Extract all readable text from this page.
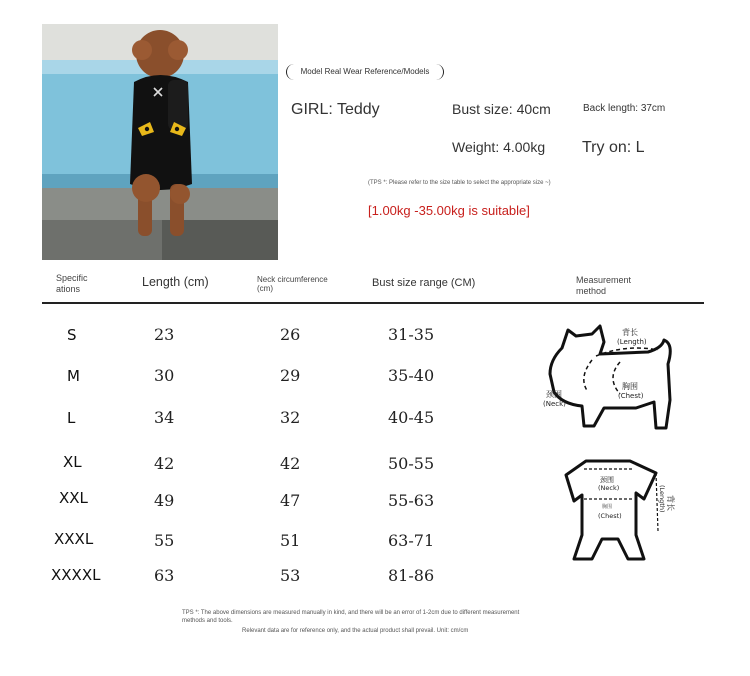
Model Real Wear Reference/Models
GIRL: Teddy	Bust size: 40cm	Back length: 37cm
Weight: 4.00kg Try on: L
(TPS *: Please refer to the size table to select the appropriate size ~)
[1.00kg -35.00kg is suitable]
Specific
ations	Length (cm)	Neck circumference
(cm)	Bust size range (CM)	Measurement
method
S	23	26	31-35
M	30	29	35-40
L	34	32	40-45
XL	42	42	50-55
XXL	49	47	55-63
XXXL	55	51	63-71
XXXXL	63	53	81-86
背长
(Length)
颈围
(Neck)
胸围
(Chest)
颈围
(Neck)
胸围
(Chest)
背长
(Length)
TPS *: The above dimensions are measured manually in kind, and there will be an error of 1-2cm due to different measurement
methods and tools.
Relevant data are for reference only, and the actual product shall prevail. Unit: cm/cm
